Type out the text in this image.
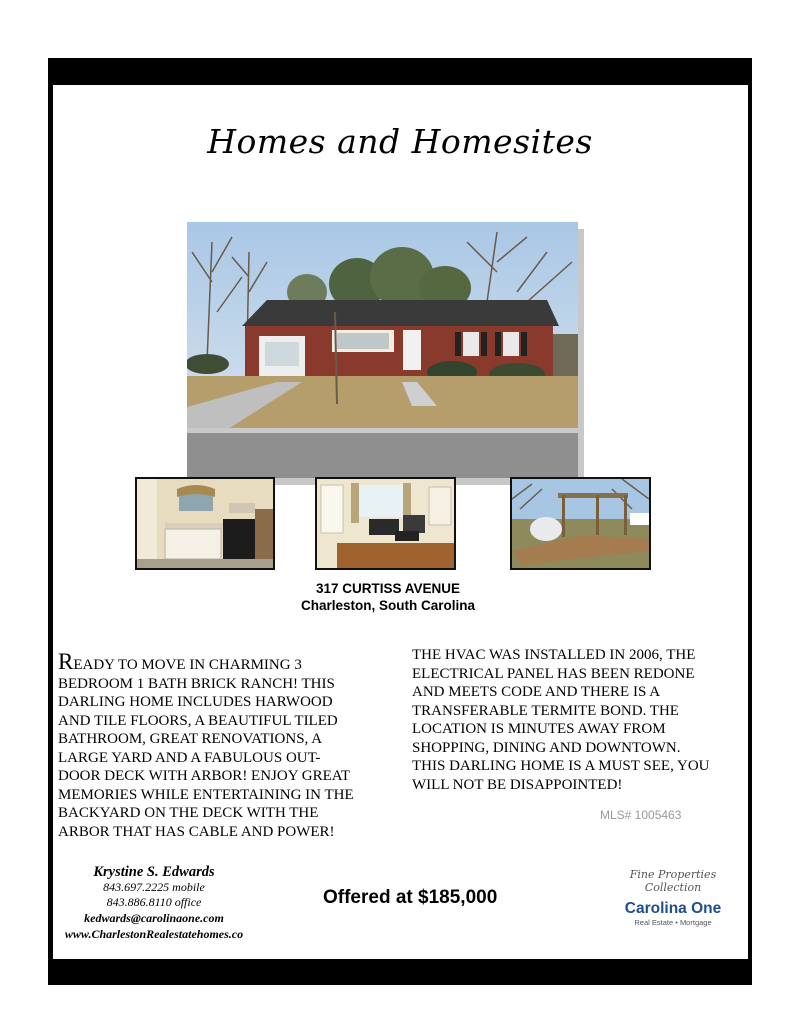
Homes and Homesites
317 CURTISS AVENUE
Charleston, South Carolina
READY TO MOVE IN CHARMING 3
BEDROOM 1 BATH BRICK RANCH! THIS
DARLING HOME INCLUDES HARWOOD
AND TILE FLOORS, A BEAUTIFUL TILED
BATHROOM, GREAT RENOVATIONS, A
LARGE YARD AND A FABULOUS OUT-
DOOR DECK WITH ARBOR! ENJOY GREAT
MEMORIES WHILE ENTERTAINING IN THE
BACKYARD ON THE DECK WITH THE
ARBOR THAT HAS CABLE AND POWER!
THE HVAC WAS INSTALLED IN 2006, THE
ELECTRICAL PANEL HAS BEEN REDONE
AND MEETS CODE AND THERE IS A
TRANSFERABLE TERMITE BOND. THE
LOCATION IS MINUTES AWAY FROM
SHOPPING, DINING AND DOWNTOWN.
THIS DARLING HOME IS A MUST SEE, YOU
WILL NOT BE DISAPPOINTED!
MLS# 1005463
Krystine S. Edwards
843.697.2225 mobile
843.886.8110 office
kedwards@carolinaone.com
www.CharlestonRealestatehomes.co
Offered at $185,000
Fine Properties Collection
Carolina One
Real Estate • Mortgage
